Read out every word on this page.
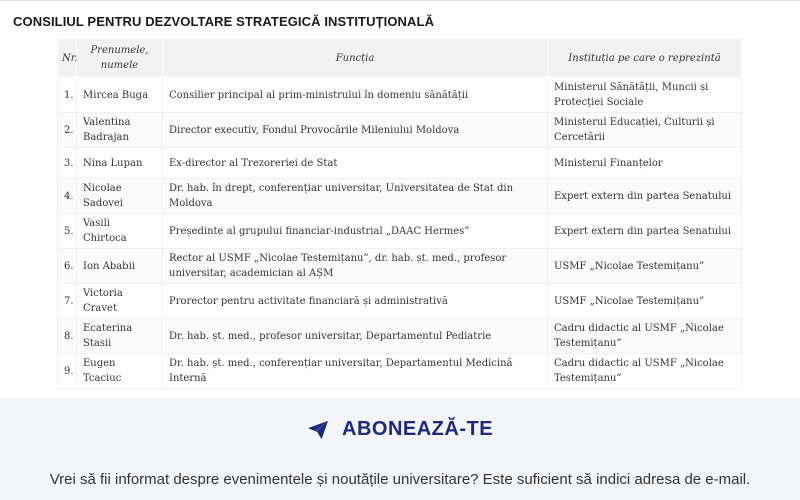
CONSILIUL PENTRU DEZVOLTARE STRATEGICĂ INSTITUȚIONALĂ
Nr.	Prenumele, numele	Funcția	Instituția pe care o reprezintă
1.	Mircea Buga	Consilier principal al prim-ministrului în domeniu sănătății	Ministerul Sănătății, Muncii și Protecției Sociale
2.	Valentina Badrajan	Director executiv, Fondul Provocările Mileniului Moldova	Ministerul Educației, Culturii și Cercetării
3.	Nina Lupan	Ex-director al Trezoreriei de Stat	Ministerul Finanțelor
4.	Nicolae Sadovei	Dr. hab. în drept, conferențiar universitar, Universitatea de Stat din Moldova	Expert extern din partea Senatului
5.	Vasili Chirtoca	Președinte al grupului financiar-industrial „DAAC Hermes”	Expert extern din partea Senatului
6.	Ion Ababii	Rector al USMF „Nicolae Testemițanu”, dr. hab. șt. med., profesor universitar, academician al AȘM	USMF „Nicolae Testemițanu”
7.	Victoria Cravet	Prorector pentru activitate financiară și administrativă	USMF „Nicolae Testemițanu”
8.	Ecaterina Stasii	Dr. hab. șt. med., profesor universitar, Departamentul Pediatrie	Cadru didactic al USMF „Nicolae Testemițanu”
9.	Eugen Tcaciuc	Dr. hab. șt. med., conferențiar universitar, Departamentul Medicină Internă	Cadru didactic al USMF „Nicolae Testemițanu”
ABONEAZĂ-TE
Vrei să fii informat despre evenimentele și noutățile universitare? Este suficient să indici adresa de e-mail.
